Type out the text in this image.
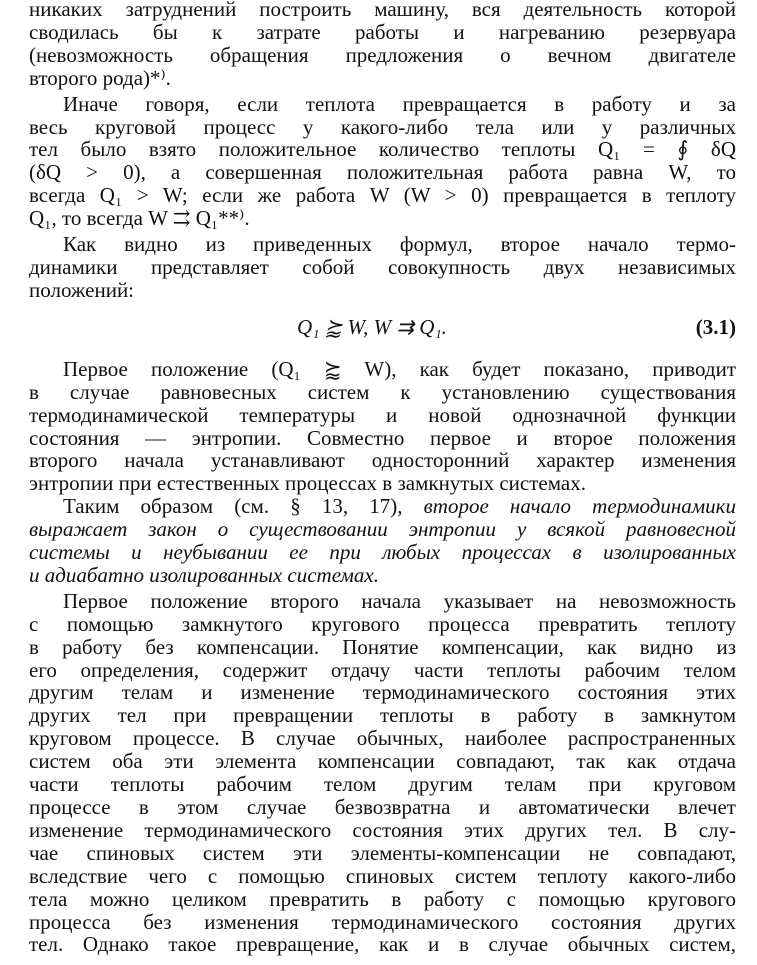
никаких затруднений построить машину, вся деятельность которой
сводилась бы к затрате работы и нагреванию резервуара
(невозможность обращения предложения о вечном двигателе
второго рода)*⁾.
Иначе говоря, если теплота превращается в работу и за
весь круговой процесс у какого-либо тела или у различных
тел было взято положительное количество теплоты Q₁ = ∮ δQ
(δQ > 0), а совершенная положительная работа равна W, то
всегда Q₁ > W; если же работа W (W > 0) превращается в теплоту
Q₁, то всегда W ⇉ Q₁**⁾.
Как видно из приведенных формул, второе начало термо-
динамики представляет собой совокупность двух независимых
положений:
Q₁ ⪸ W, W ⇉ Q₁.	(3.1)
Первое положение (Q₁ ⪸ W), как будет показано, приводит
в случае равновесных систем к установлению существования
термодинамической температуры и новой однозначной функции
состояния — энтропии. Совместно первое и второе положения
второго начала устанавливают односторонний характер изменения
энтропии при естественных процессах в замкнутых системах.
Таким образом (см. § 13, 17), второе начало термодинамики
выражает закон о существовании энтропии у всякой равновесной
системы и неубывании ее при любых процессах в изолированных
и адиабатно изолированных системах.
Первое положение второго начала указывает на невозможность
с помощью замкнутого кругового процесса превратить теплоту
в работу без компенсации. Понятие компенсации, как видно из
его определения, содержит отдачу части теплоты рабочим телом
другим телам и изменение термодинамического состояния этих
других тел при превращении теплоты в работу в замкнутом
круговом процессе. В случае обычных, наиболее распространенных
систем оба эти элемента компенсации совпадают, так как отдача
части теплоты рабочим телом другим телам при круговом
процессе в этом случае безвозвратна и автоматически влечет
изменение термодинамического состояния этих других тел. В слу-
чае спиновых систем эти элементы-компенсации не совпадают,
вследствие чего с помощью спиновых систем теплоту какого-либо
тела можно целиком превратить в работу с помощью кругового
процесса без изменения термодинамического состояния других
тел. Однако такое превращение, как и в случае обычных систем,
